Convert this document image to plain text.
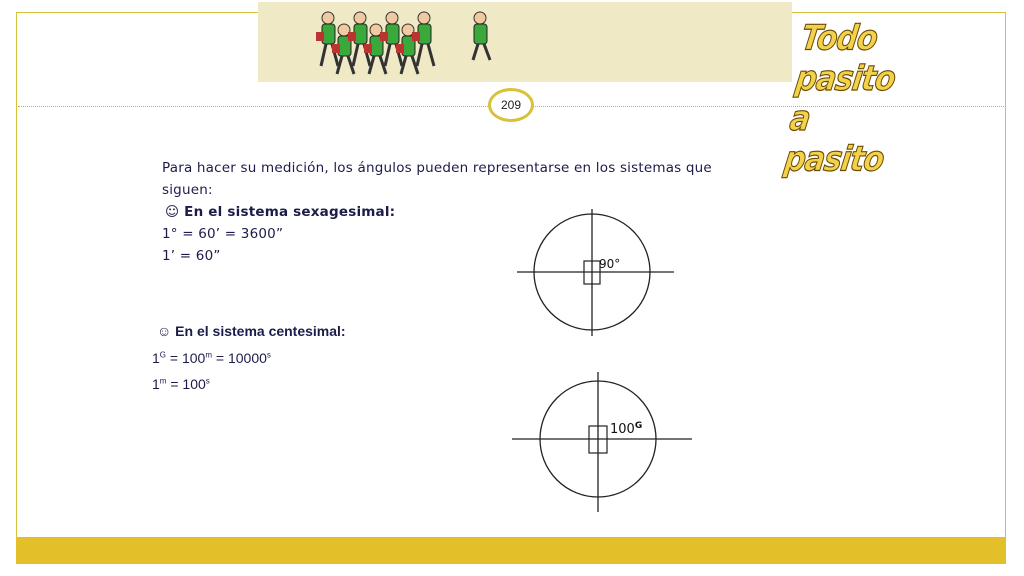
Todo pasito a pasito
209
Para hacer su medición, los ángulos pueden representarse en los sistemas que
siguen:
☺ En el sistema sexagesimal:
1° = 60’ = 3600”
1’ = 60”
☺ En el sistema centesimal:
$1^G = 100^m = 10000^s$
$1^m = 100^s$
90°
$100^G$
